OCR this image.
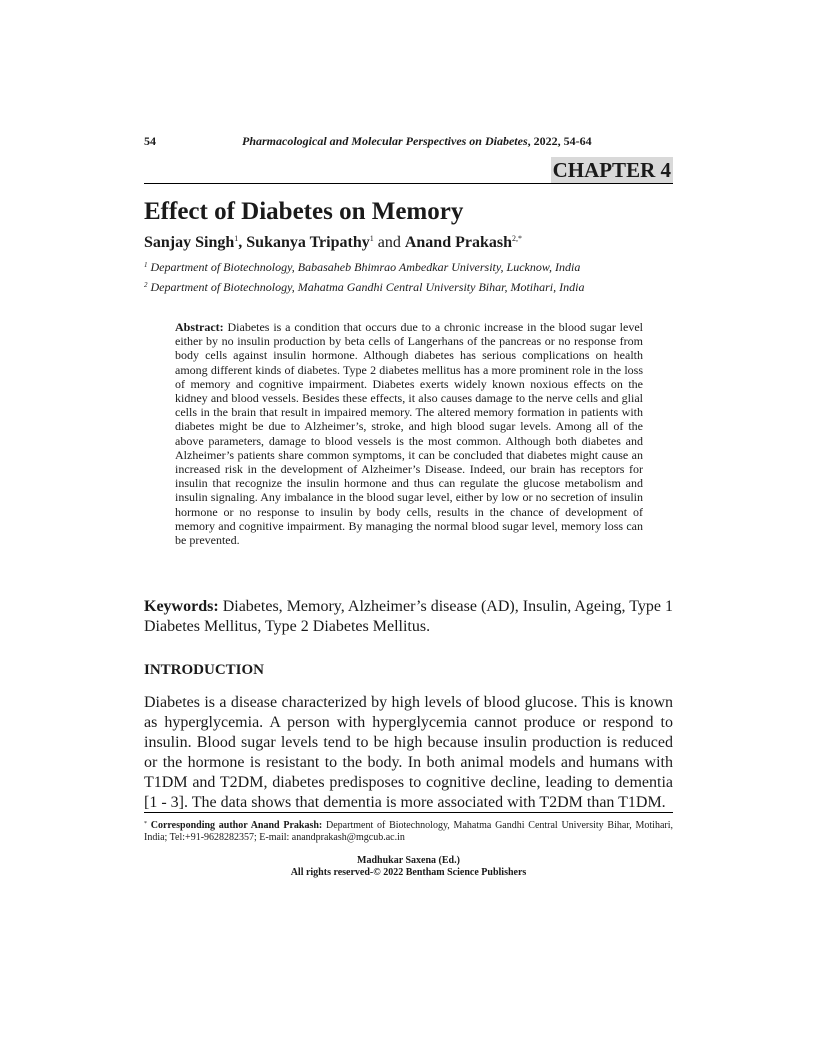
54	Pharmacological and Molecular Perspectives on Diabetes, 2022, 54-64
CHAPTER 4
Effect of Diabetes on Memory
Sanjay Singh$^1$, Sukanya Tripathy$^1$ and Anand Prakash$^{2,*}$
$^1$ Department of Biotechnology, Babasaheb Bhimrao Ambedkar University, Lucknow, India
$^2$ Department of Biotechnology, Mahatma Gandhi Central University Bihar, Motihari, India
Abstract: Diabetes is a condition that occurs due to a chronic increase in the blood sugar level either by no insulin production by beta cells of Langerhans of the pancreas or no response from body cells against insulin hormone. Although diabetes has serious complications on health among different kinds of diabetes. Type 2 diabetes mellitus has a more prominent role in the loss of memory and cognitive impairment. Diabetes exerts widely known noxious effects on the kidney and blood vessels. Besides these effects, it also causes damage to the nerve cells and glial cells in the brain that result in impaired memory. The altered memory formation in patients with diabetes might be due to Alzheimer’s, stroke, and high blood sugar levels. Among all of the above parameters, damage to blood vessels is the most common. Although both diabetes and Alzheimer’s patients share common symptoms, it can be concluded that diabetes might cause an increased risk in the development of Alzheimer’s Disease. Indeed, our brain has receptors for insulin that recognize the insulin hormone and thus can regulate the glucose metabolism and insulin signaling. Any imbalance in the blood sugar level, either by low or no secretion of insulin hormone or no response to insulin by body cells, results in the chance of development of memory and cognitive impairment. By managing the normal blood sugar level, memory loss can be prevented.
Keywords: Diabetes, Memory, Alzheimer’s disease (AD), Insulin, Ageing, Type 1 Diabetes Mellitus, Type 2 Diabetes Mellitus.
INTRODUCTION
Diabetes is a disease characterized by high levels of blood glucose. This is known as hyperglycemia. A person with hyperglycemia cannot produce or respond to insulin. Blood sugar levels tend to be high because insulin production is reduced or the hormone is resistant to the body. In both animal models and humans with T1DM and T2DM, diabetes predisposes to cognitive decline, leading to dementia [1 - 3]. The data shows that dementia is more associated with T2DM than T1DM.
* Corresponding author Anand Prakash: Department of Biotechnology, Mahatma Gandhi Central University Bihar, Motihari, India; Tel:+91-9628282357; E-mail: anandprakash@mgcub.ac.in
Madhukar Saxena (Ed.)
All rights reserved-© 2022 Bentham Science Publishers
